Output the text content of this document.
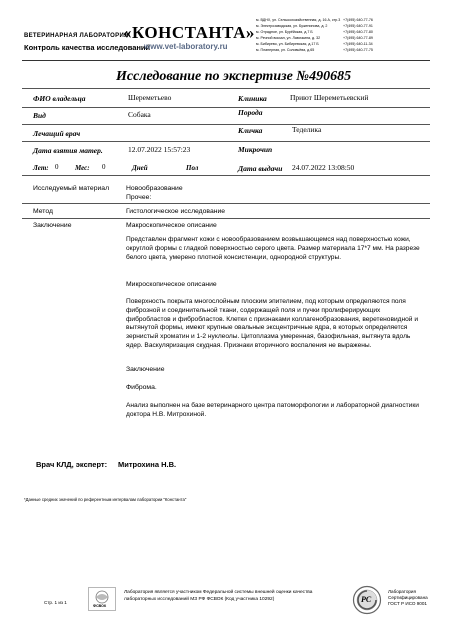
ВЕТЕРИНАРНАЯ ЛАБОРАТОРИЯ
«КОНСТАНТА»
Контроль качества исследований
www.vet-laboratory.ru
м. ВДНХ, ул. Сельскохозяйственная, д. 16 А, стр.3 +7(495) 640-77-76
м. Электрозаводская, ул. Буженинова, д. 2	+7(495) 640-77-91
м. Отрадное, ул. Бурёйская, д.7 Б	+7(495) 640-77-80
м. Речной вокзал, ул. Лавочкина, д. 32	+7(495) 640-77-89
м. Бибирево, ул. Бибиревская, д.17 Б	+7(495) 640-11-34
м. Планерная, ул. Соловьёва, д.65	+7(495) 640-77-75
Исследование по экспертизе №490685
ФИО владельца	Шереметьево	Клиника	Приют Шереметьевский
Вид	Собака	Порода
Лечащий врач	Кличка	Теделика
Дата взятия матер.	12.07.2022 15:57:23	Микрочип
Лет: 0 Мес: 0	Дней	Пол	Дата выдачи 24.07.2022 13:08:50
Исследуемый материал Новообразование
Прочее:
Метод	Гистологическое исследование
Заключение	Макроскопическое описание
Представлен фрагмент кожи с новообразованием возвышающемся над поверхностью кожи, округлой формы с гладкой поверхностью серого цвета. Размер материала 17*7 мм. На разрезе белого цвета, умерено плотной консистенции, однородной структуры.
Микроскопическое описание
Поверхность покрыта многослойным плоским эпителием, под которым определяются поля фиброзной и соединительной ткани, содержащей поля и пучки пролиферирующих фибробластов и фибробластов. Клетки с признаками коллагенобразования, веретеновидной и вытянутой формы, имеют крупные овальные эксцентричные ядра, в которых определяется зернистый хроматин и 1-2 нуклеолы. Цитоплазма умеренная, базофильная, вытянута вдоль ядер. Васкуляризация скудная. Признаки вторичного воспаления не выражены.
Заключение
Фиброма.
Анализ выполнен на базе ветеринарного центра патоморфологии и лабораторной диагностики доктора Н.В. Митрохиной.
Врач КЛД, эксперт: Митрохина Н.В.
*Данные средних значений по референтным интервалам лаборатории "Константа"
Стр. 1 из 1
ФСВОК
Лаборатория является участником Федеральной системы внешней оценки качества
лабораторных исследований МЗ РФ ФСВОК (Код участника 10292)	РС
Лаборатория
Сертифицирована
ГОСТ Р ИСО 9001
